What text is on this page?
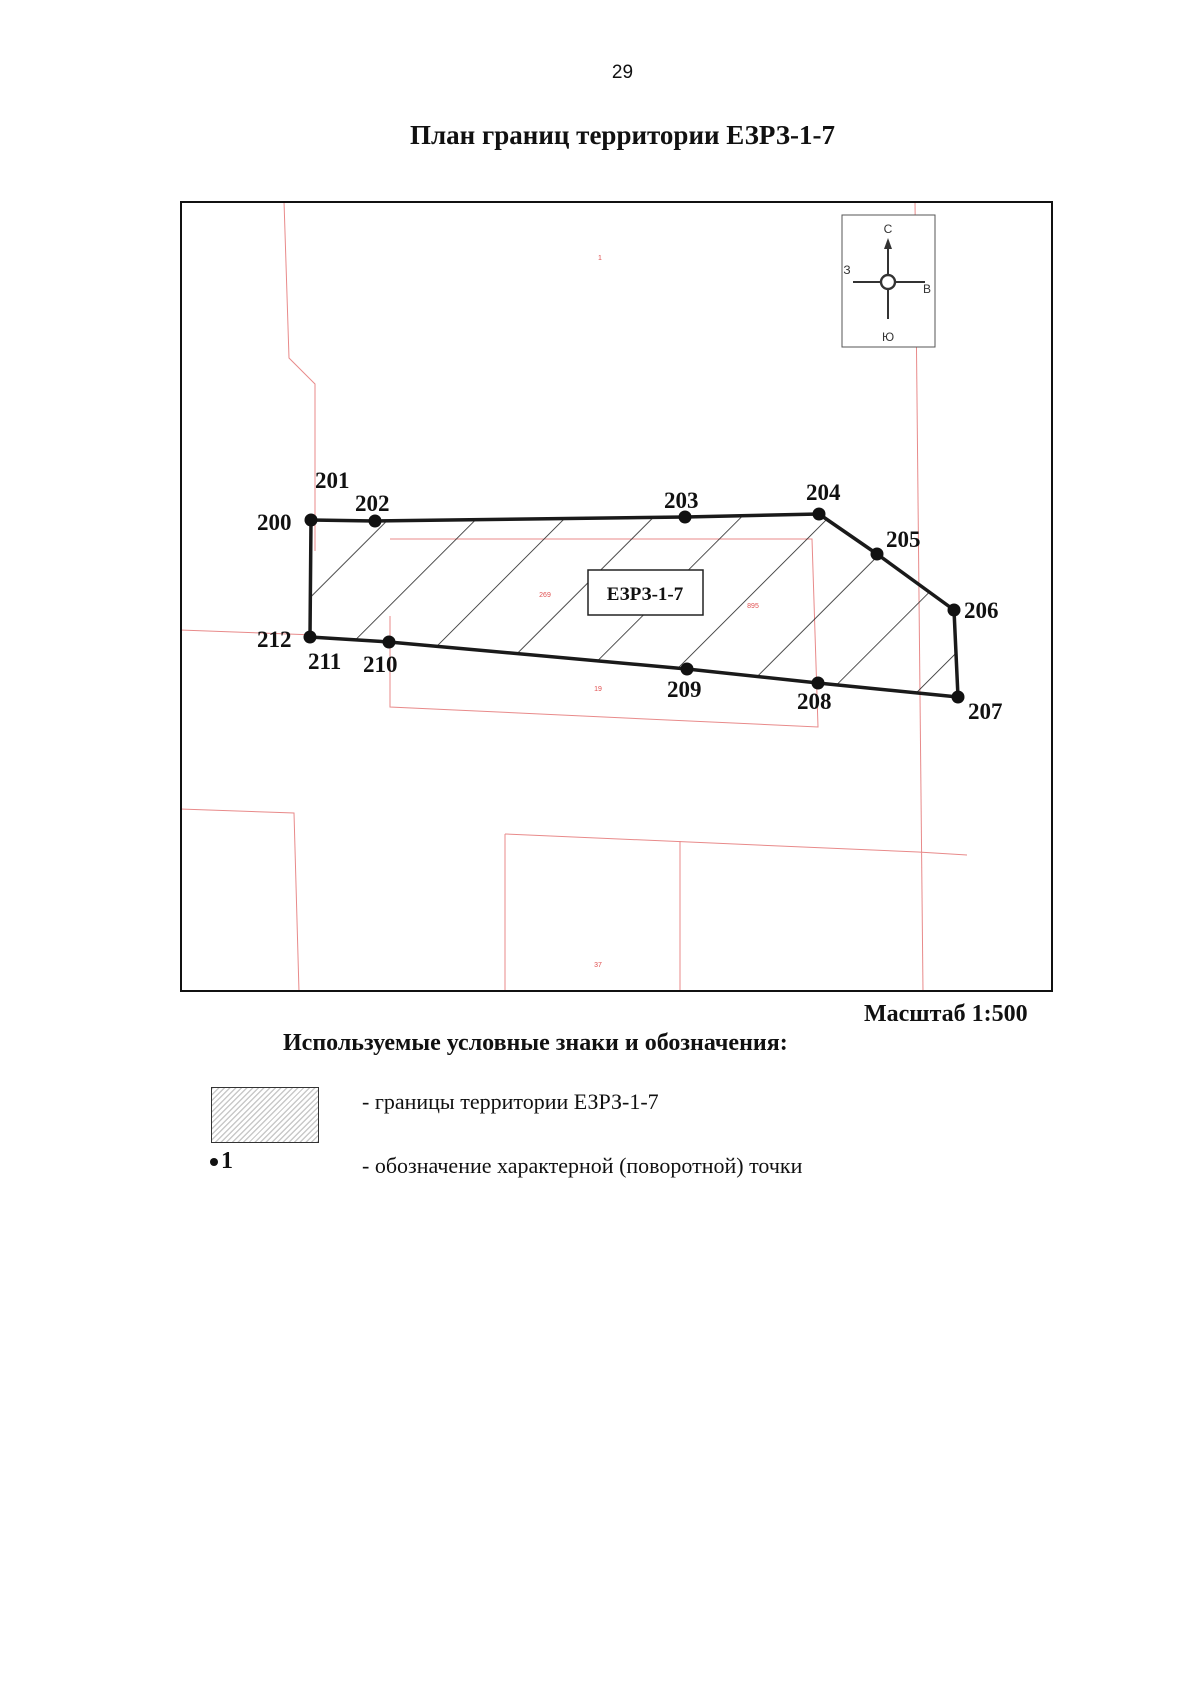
29
План границ территории ЕЗРЗ-1-7
1
19
37
С
Ю
З
В
ЕЗРЗ-1-7
200
201
202	203	204
205
206
207
208
209
210
211
212
Масштаб 1:500
Используемые условные знаки и обозначения:
- границы территории ЕЗРЗ-1-7
1	- обозначение характерной (поворотной) точки
